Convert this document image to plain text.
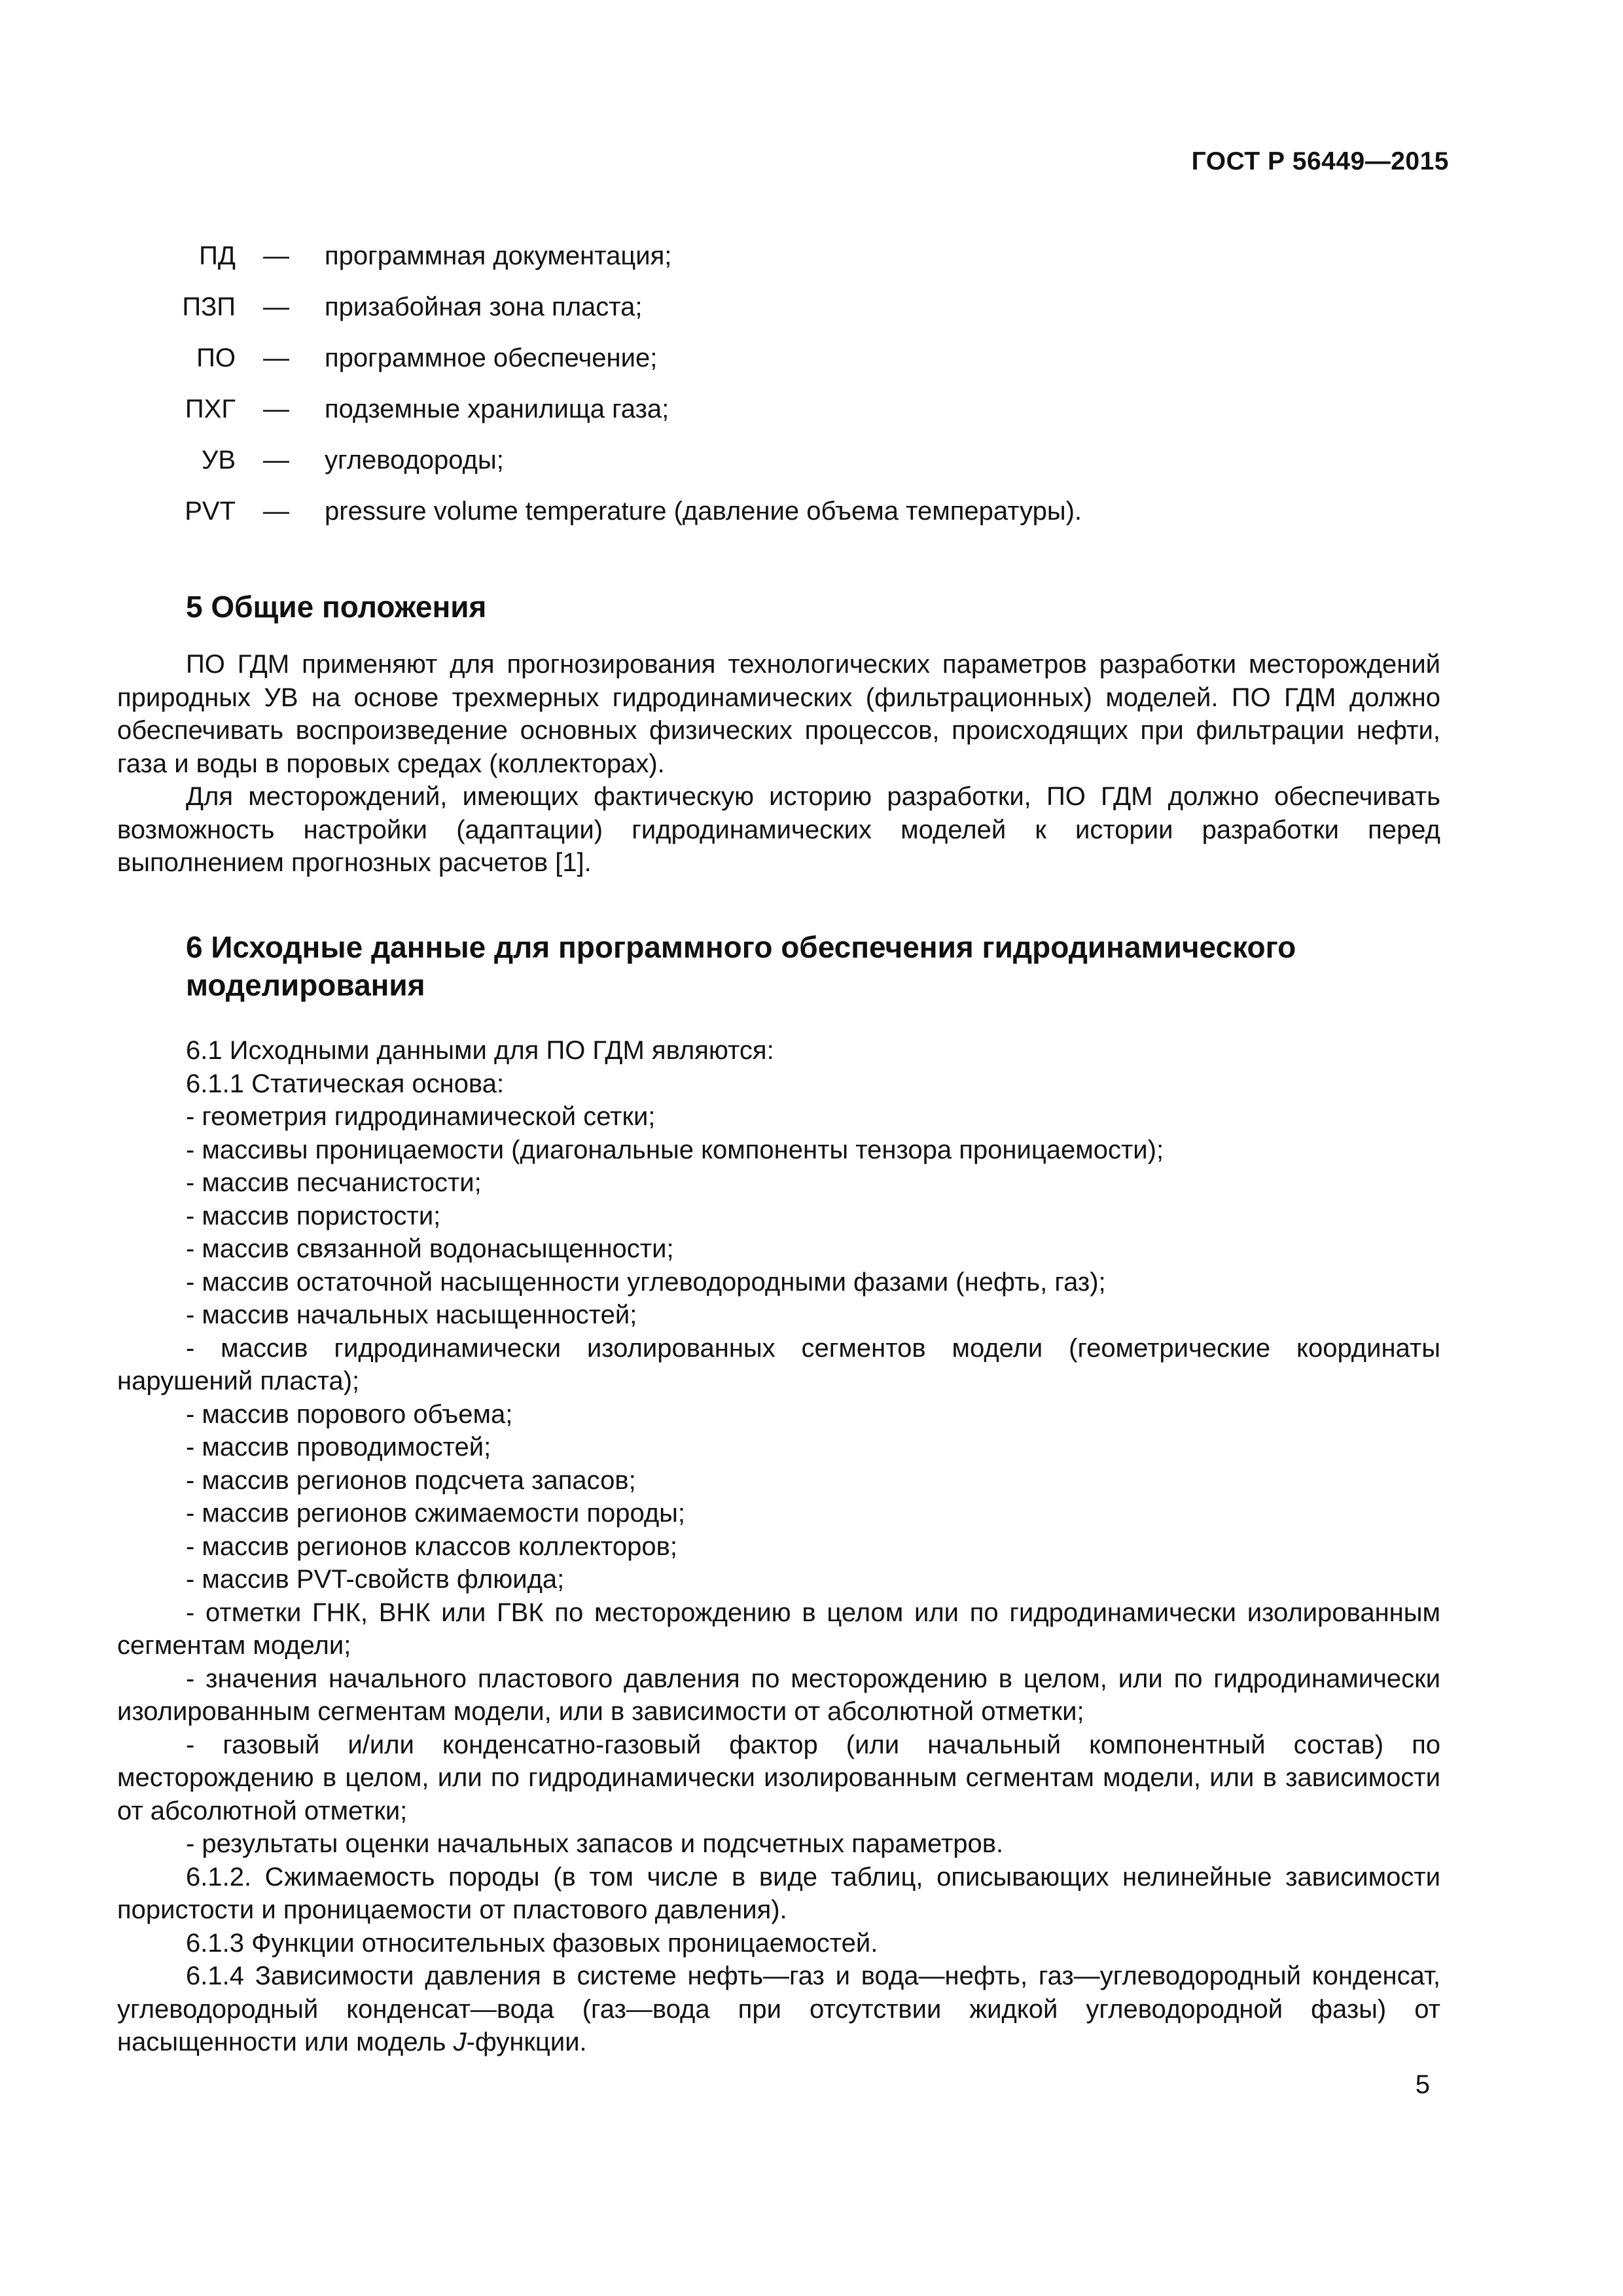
ГОСТ Р 56449—2015
ПД — программная документация;
ПЗП — призабойная зона пласта;
ПО — программное обеспечение;
ПХГ — подземные хранилища газа;
УВ — углеводороды;
PVT — pressure volume temperature (давление объема температуры).
5 Общие положения

ПО ГДМ применяют для прогнозирования технологических параметров разработки месторождений природных УВ на основе трехмерных гидродинамических (фильтрационных) моделей. ПО ГДМ должно обеспечивать воспроизведение основных физических процессов, происходящих при фильтрации нефти, газа и воды в поровых средах (коллекторах).

Для месторождений, имеющих фактическую историю разработки, ПО ГДМ должно обеспечивать возможность настройки (адаптации) гидродинамических моделей к истории разработки перед выполнением прогнозных расчетов [1].

6 Исходные данные для программного обеспечения гидродинамического моделирования

6.1 Исходными данными для ПО ГДМ являются:

6.1.1 Статическая основа:

- геометрия гидродинамической сетки;

- массивы проницаемости (диагональные компоненты тензора проницаемости);

- массив песчанистости;

- массив пористости;

- массив связанной водонасыщенности;

- массив остаточной насыщенности углеводородными фазами (нефть, газ);

- массив начальных насыщенностей;

- массив гидродинамически изолированных сегментов модели (геометрические координаты нарушений пласта);

- массив порового объема;

- массив проводимостей;

- массив регионов подсчета запасов;

- массив регионов сжимаемости породы;

- массив регионов классов коллекторов;

- массив PVT-свойств флюида;

- отметки ГНК, ВНК или ГВК по месторождению в целом или по гидродинамически изолированным сегментам модели;

- значения начального пластового давления по месторождению в целом, или по гидродинамически изолированным сегментам модели, или в зависимости от абсолютной отметки;

- газовый и/или конденсатно-газовый фактор (или начальный компонентный состав) по месторождению в целом, или по гидродинамически изолированным сегментам модели, или в зависимости от абсолютной отметки;

- результаты оценки начальных запасов и подсчетных параметров.

6.1.2. Сжимаемость породы (в том числе в виде таблиц, описывающих нелинейные зависимости пористости и проницаемости от пластового давления).

6.1.3 Функции относительных фазовых проницаемостей.

6.1.4 Зависимости давления в системе нефть—газ и вода—нефть, газ—углеводородный конденсат, углеводородный конденсат—вода (газ—вода при отсутствии жидкой углеводородной фазы) от насыщенности или модель J-функции.

5
